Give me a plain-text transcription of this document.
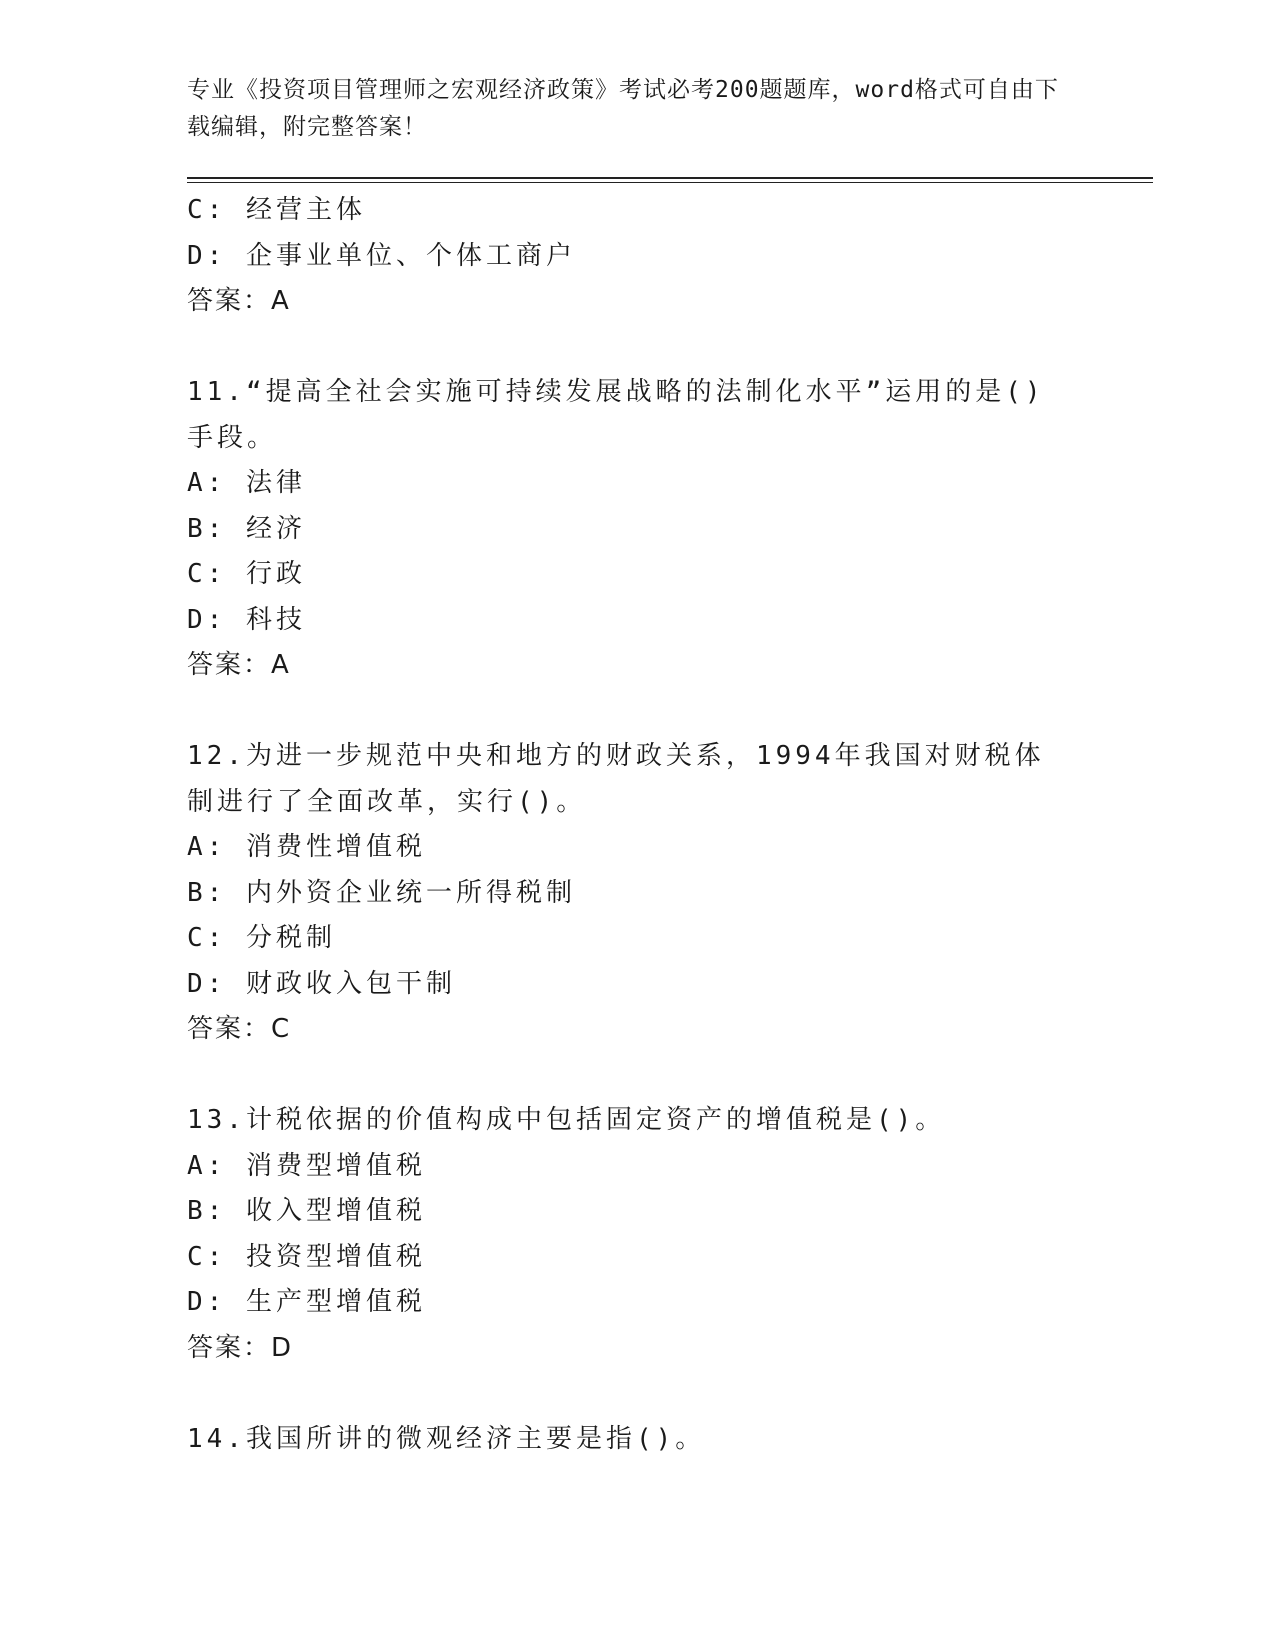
专业《投资项目管理师之宏观经济政策》考试必考200题题库，word格式可自由下载编辑，附完整答案！
C: 经营主体
D: 企事业单位、个体工商户
答案：A
11.“提高全社会实施可持续发展战略的法制化水平”运用的是()手段。
A: 法律
B: 经济
C: 行政
D: 科技
答案：A
12.为进一步规范中央和地方的财政关系，1994年我国对财税体制进行了全面改革，实行()。
A: 消费性增值税
B: 内外资企业统一所得税制
C: 分税制
D: 财政收入包干制
答案：C
13.计税依据的价值构成中包括固定资产的增值税是()。
A: 消费型增值税
B: 收入型增值税
C: 投资型增值税
D: 生产型增值税
答案：D
14.我国所讲的微观经济主要是指()。
